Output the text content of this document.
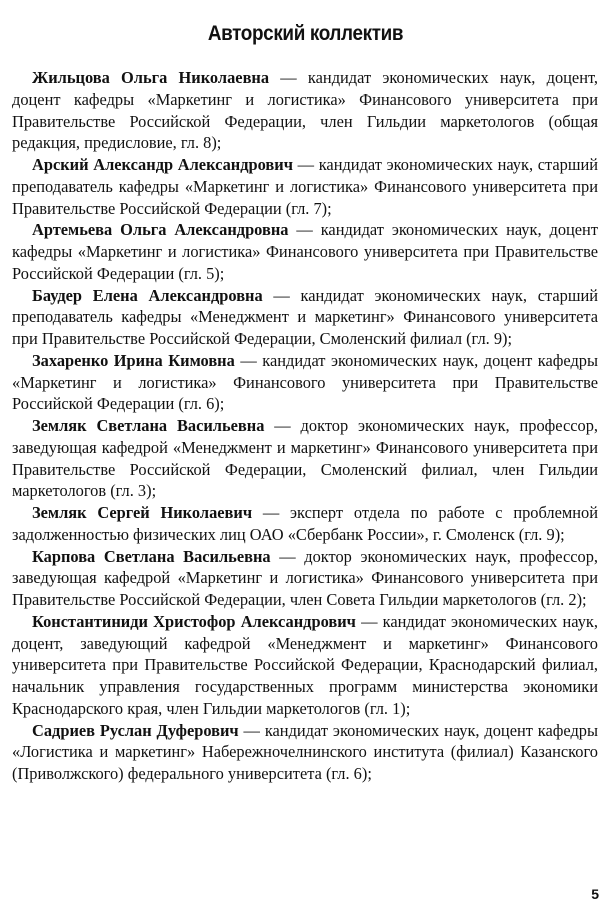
Авторский коллектив

Жильцова Ольга Николаевна — кандидат экономических наук, доцент, доцент кафедры «Маркетинг и логистика» Финансового университета при Правительстве Российской Федерации, член Гильдии маркетологов (общая редакция, предисловие, гл. 8);

Арский Александр Александрович — кандидат экономических наук, старший преподаватель кафедры «Маркетинг и логистика» Финансового университета при Правительстве Российской Федерации (гл. 7);

Артемьева Ольга Александровна — кандидат экономических наук, доцент кафедры «Маркетинг и логистика» Финансового университета при Правительстве Российской Федерации (гл. 5);

Баудер Елена Александровна — кандидат экономических наук, старший преподаватель кафедры «Менеджмент и маркетинг» Финансового университета при Правительстве Российской Федерации, Смоленский филиал (гл. 9);

Захаренко Ирина Кимовна — кандидат экономических наук, доцент кафедры «Маркетинг и логистика» Финансового университета при Правительстве Российской Федерации (гл. 6);

Земляк Светлана Васильевна — доктор экономических наук, профессор, заведующая кафедрой «Менеджмент и маркетинг» Финансового университета при Правительстве Российской Федерации, Смоленский филиал, член Гильдии маркетологов (гл. 3);

Земляк Сергей Николаевич — эксперт отдела по работе с проблемной задолженностью физических лиц ОАО «Сбербанк России», г. Смоленск (гл. 9);

Карпова Светлана Васильевна — доктор экономических наук, профессор, заведующая кафедрой «Маркетинг и логистика» Финансового университета при Правительстве Российской Федерации, член Совета Гильдии маркетологов (гл. 2);

Константиниди Христофор Александрович — кандидат экономических наук, доцент, заведующий кафедрой «Менеджмент и маркетинг» Финансового университета при Правительстве Российской Федерации, Краснодарский филиал, начальник управления государственных программ министерства экономики Краснодарского края, член Гильдии маркетологов (гл. 1);

Садриев Руслан Дуферович — кандидат экономических наук, доцент кафедры «Логистика и маркетинг» Набережночелнинского института (филиал) Казанского (Приволжского) федерального университета (гл. 6);

5
